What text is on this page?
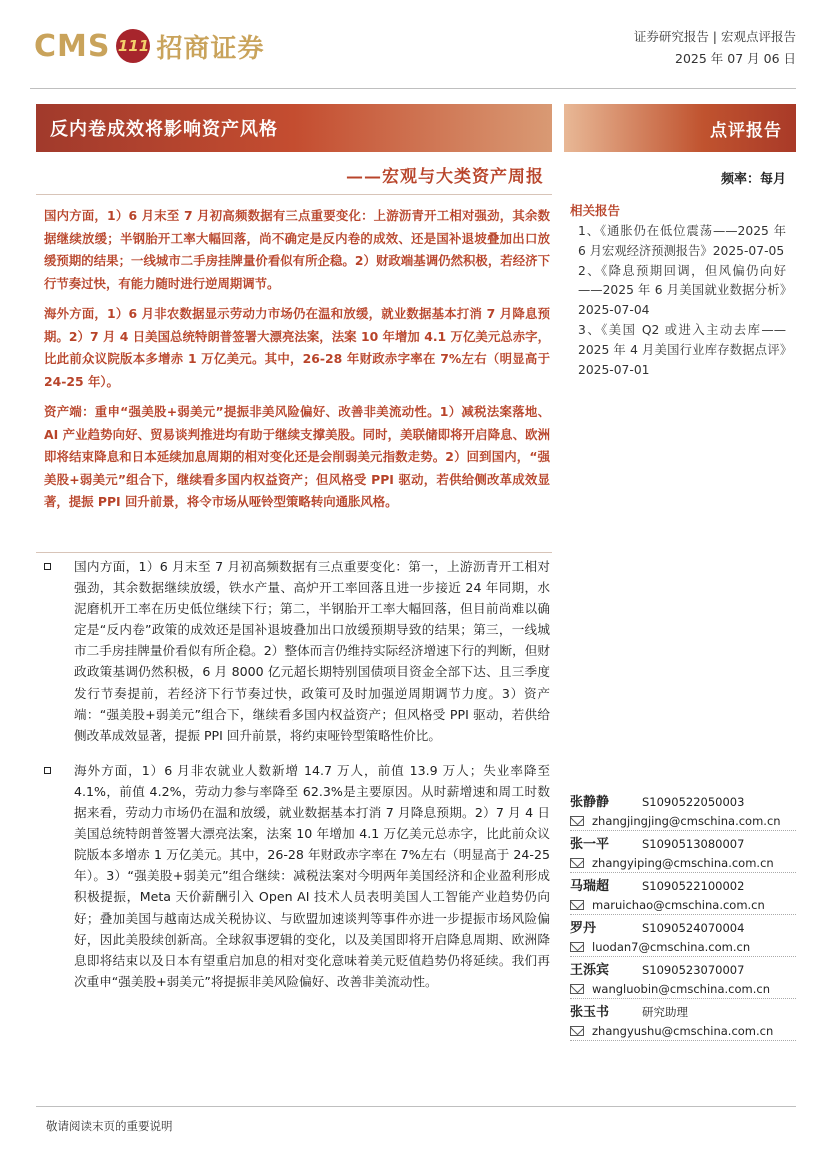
CMS 111 招商证券	证券研究报告 | 宏观点评报告
2025 年 07 月 06 日
反内卷成效将影响资产风格	点评报告
——宏观与大类资产周报	频率：每月

国内方面，1）6 月末至 7 月初高频数据有三点重要变化：上游沥青开工相对强劲，其余数据继续放缓；半钢胎开工率大幅回落，尚不确定是反内卷的成效、还是国补退坡叠加出口放缓预期的结果；一线城市二手房挂牌量价看似有所企稳。2）财政端基调仍然积极，若经济下行节奏过快，有能力随时进行逆周期调节。

海外方面，1）6 月非农数据显示劳动力市场仍在温和放缓，就业数据基本打消 7 月降息预期。2）7 月 4 日美国总统特朗普签署大漂亮法案，法案 10 年增加 4.1 万亿美元总赤字，比此前众议院版本多增赤 1 万亿美元。其中，26-28 年财政赤字率在 7%左右（明显高于 24-25 年）。

资产端：重申“强美股+弱美元”提振非美风险偏好、改善非美流动性。1）减税法案落地、AI 产业趋势向好、贸易谈判推进均有助于继续支撑美股。同时，美联储即将开启降息、欧洲即将结束降息和日本延续加息周期的相对变化还是会削弱美元指数走势。2）回到国内，“强美股+弱美元”组合下，继续看多国内权益资产；但风格受 PPI 驱动，若供给侧改革成效显著，提振 PPI 回升前景，将令市场从哑铃型策略转向通胀风格。

国内方面，1）6 月末至 7 月初高频数据有三点重要变化：第一，上游沥青开工相对强劲，其余数据继续放缓，铁水产量、高炉开工率回落且进一步接近 24 年同期，水泥磨机开工率在历史低位继续下行；第二，半钢胎开工率大幅回落，但目前尚难以确定是“反内卷”政策的成效还是国补退坡叠加出口放缓预期导致的结果；第三，一线城市二手房挂牌量价看似有所企稳。2）整体而言仍维持实际经济增速下行的判断，但财政政策基调仍然积极，6 月 8000 亿元超长期特别国债项目资金全部下达、且三季度发行节奏提前，若经济下行节奏过快，政策可及时加强逆周期调节力度。3）资产端：“强美股+弱美元”组合下，继续看多国内权益资产；但风格受 PPI 驱动，若供给侧改革成效显著，提振 PPI 回升前景，将约束哑铃型策略性价比。
海外方面，1）6 月非农就业人数新增 14.7 万人，前值 13.9 万人；失业率降至 4.1%，前值 4.2%，劳动力参与率降至 62.3%是主要原因。从时薪增速和周工时数据来看，劳动力市场仍在温和放缓，就业数据基本打消 7 月降息预期。2）7 月 4 日美国总统特朗普签署大漂亮法案，法案 10 年增加 4.1 万亿美元总赤字，比此前众议院版本多增赤 1 万亿美元。其中，26-28 年财政赤字率在 7%左右（明显高于 24-25 年）。3）“强美股+弱美元”组合继续：减税法案对今明两年美国经济和企业盈利形成积极提振，Meta 天价薪酬引入 Open AI 技术人员表明美国人工智能产业趋势仍向好；叠加美国与越南达成关税协议、与欧盟加速谈判等事件亦进一步提振市场风险偏好，因此美股续创新高。全球叙事逻辑的变化，以及美国即将开启降息周期、欧洲降息即将结束以及日本有望重启加息的相对变化意味着美元贬值趋势仍将延续。我们再次重申“强美股+弱美元”将提振非美风险偏好、改善非美流动性。
相关报告
1、《通胀仍在低位震荡——2025 年 6 月宏观经济预测报告》2025-07-05
2、《降息预期回调，但风偏仍向好——2025 年 6 月美国就业数据分析》2025-07-04
3、《美国 Q2 或进入主动去库——2025 年 4 月美国行业库存数据点评》2025-07-01
张静静	S1090522050003
zhangjingjing@cmschina.com.cn
张一平	S1090513080007
zhangyiping@cmschina.com.cn
马瑞超	S1090522100002
maruichao@cmschina.com.cn
罗丹	S1090524070004
luodan7@cmschina.com.cn
王泺宾	S1090523070007
wangluobin@cmschina.com.cn
张玉书	研究助理
zhangyushu@cmschina.com.cn
敬请阅读末页的重要说明
